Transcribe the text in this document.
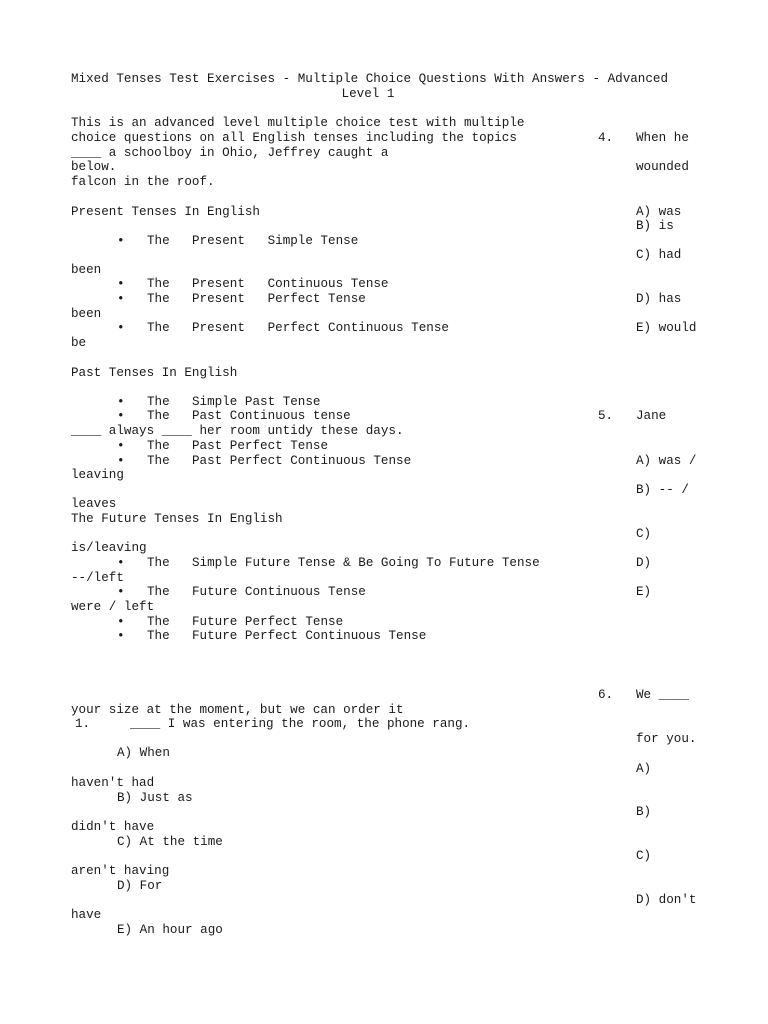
Mixed Tenses Test Exercises - Multiple Choice Questions With Answers - Advanced
Level 1
This is an advanced level multiple choice test with multiple
choice questions on all English tenses including the topics
below.
4. When he
____ a schoolboy in Ohio, Jeffrey caught a
wounded
falcon in the roof.
Present Tenses In English	A) was
B) is
•	The Present   Simple Tense
C) had
been
•	The Present   Continuous Tense
•	The Present   Perfect Tense	D) has
been
•	The Present   Perfect Continuous Tense	E) would
be
Past Tenses In English
•	The Simple Past Tense
•	The Past Continuous tense	5. Jane
____ always ____ her room untidy these days.
•	The Past Perfect Tense
•	The Past Perfect Continuous Tense	A) was /
leaving
B) -- /
leaves
The Future Tenses In English
C)
is/leaving
•	The Simple Future Tense & Be Going To Future Tense	D)
--/left
•	The Future Continuous Tense	E)
were / left
•	The Future Perfect Tense
•	The Future Perfect Continuous Tense
6. We ____
your size at the moment, but we can order it
1.	____ I was entering the room, the phone rang.
for you.
A) When
A)
haven't had
B) Just as
B)
didn't have
C) At the time
C)
aren't having
D) For
D) don't
have
E) An hour ago
